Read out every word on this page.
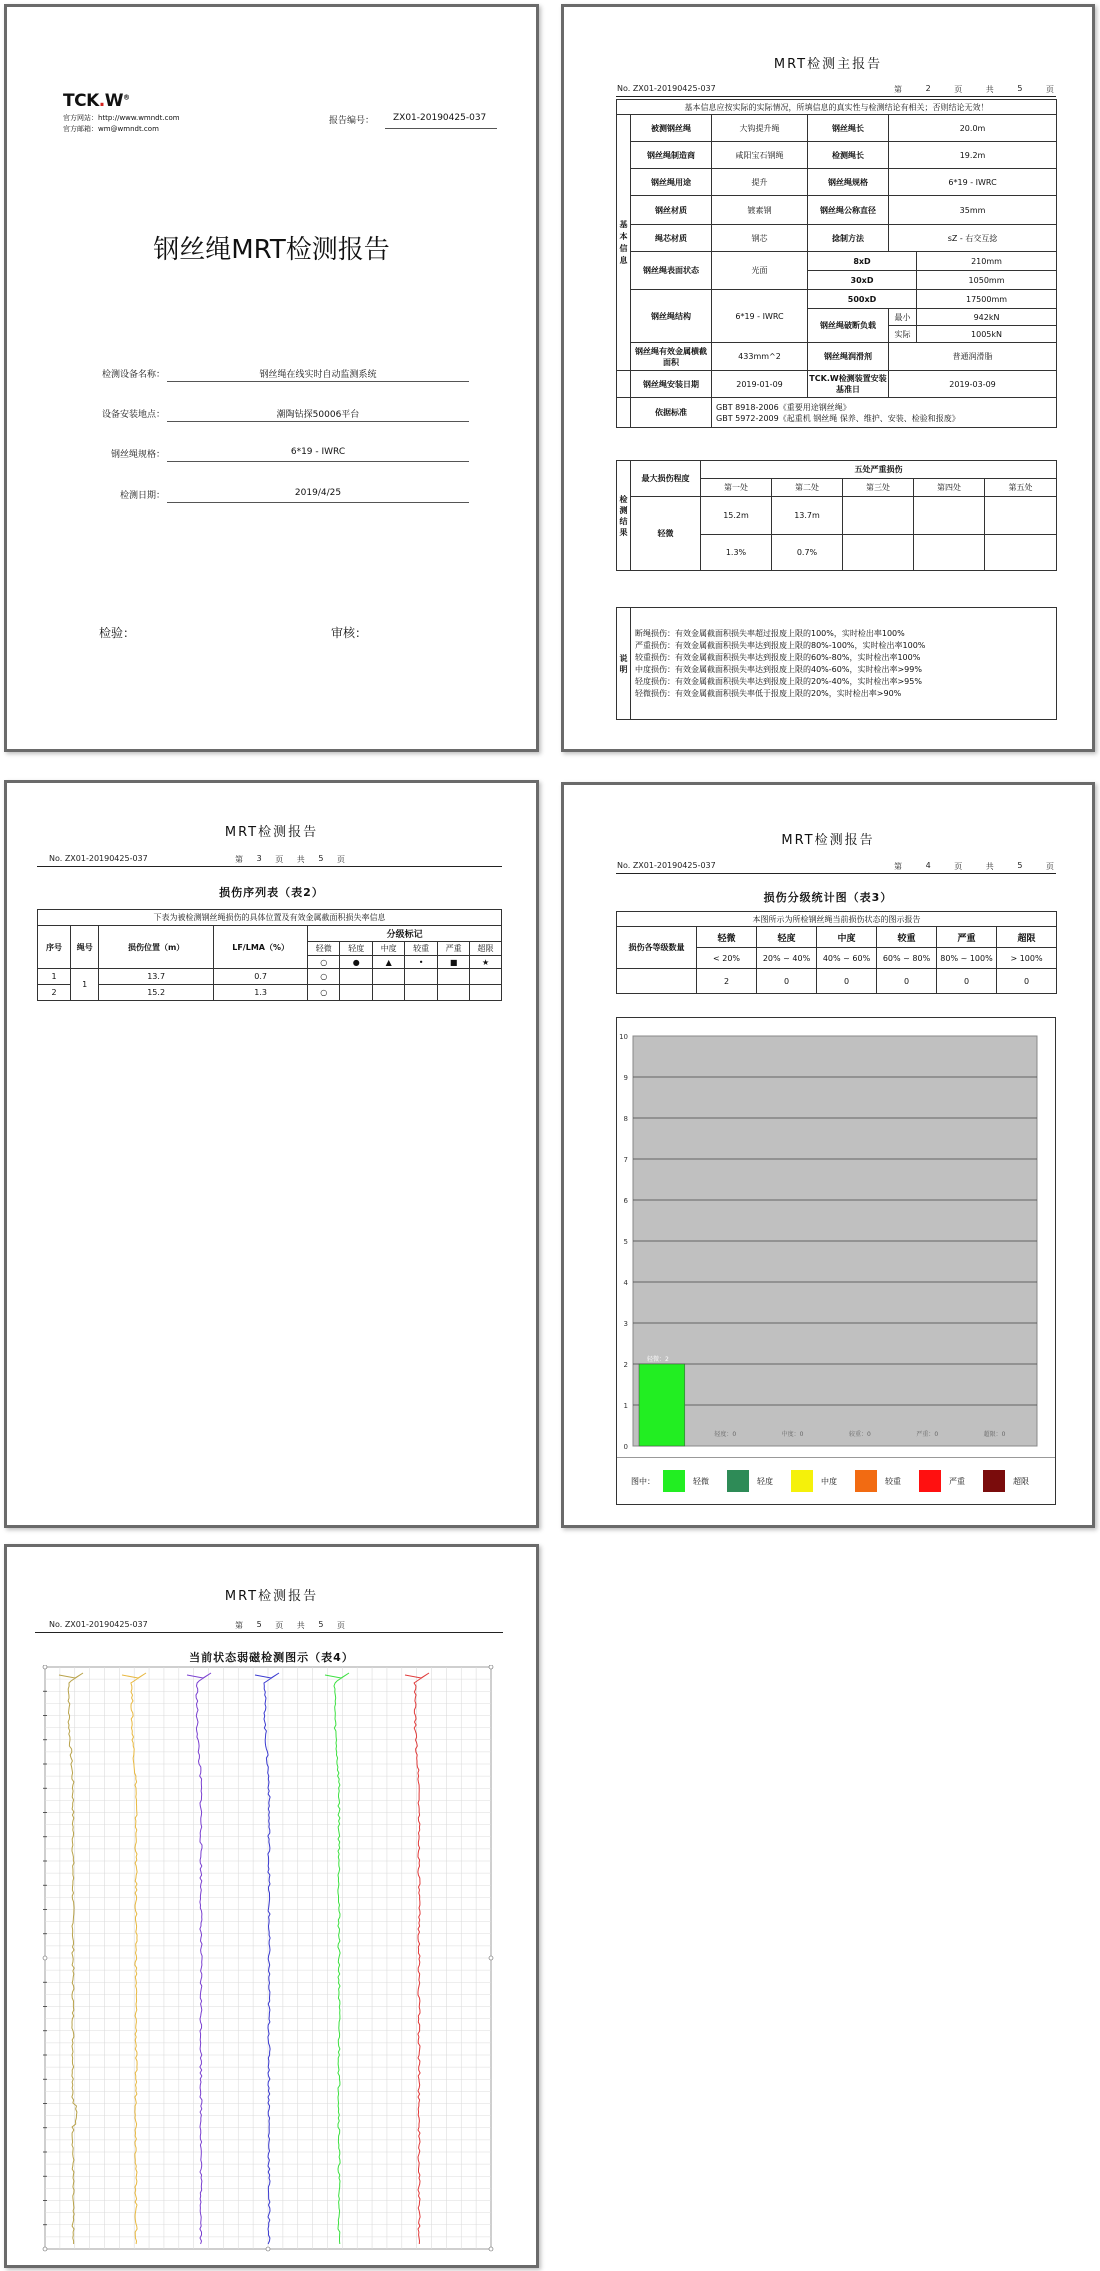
TCK.W®
官方网站：http://www.wmndt.com
官方邮箱：wm@wmndt.com
报告编号： ZX01-20190425-037
钢丝绳MRT检测报告
检测设备名称：	钢丝绳在线实时自动监测系统
设备安装地点：	潮陶钻探50006平台
钢丝绳规格：	6*19 - IWRC
检测日期：	2019/4/25
检验：	审核：
MRT检测主报告
No. ZX01-20190425-037	第	2	页	共	5	页
基本信息应按实际的实际情况，所填信息的真实性与检测结论有相关；否则结论无效！					
基本信息	被测钢丝绳	大钩提升绳	钢丝绳长	20.0m	
	钢丝绳制造商	咸阳宝石钢绳	检测绳长	19.2m	
	钢丝绳用途	提升	钢丝绳规格	6*19 - IWRC	
	钢丝材质	镀素钢	钢丝绳公称直径	35mm	
	绳芯材质	钢芯	捻制方法	sZ - 右交互捻	
	钢丝绳表面状态	光面	8xD		210mm
			30xD		1050mm
	钢丝绳结构	6*19 - IWRC	500xD		17500mm
			钢丝绳破断负载	最小	942kN
				实际	1005kN
	钢丝绳有效金属横截面积	433mm^2	钢丝绳润滑剂	普通润滑脂	
	钢丝绳安装日期	2019-01-09	TCK.W检测装置安装基准日	2019-03-09	
	依据标准	GBT 8918-2006《重要用途钢丝绳》
GBT 5972-2009《起重机 钢丝绳 保养、维护、安装、检验和报废》			
检测结果	最大损伤程度	五处严重损伤				
		第一处	第二处	第三处	第四处	第五处
	轻微	15.2m	13.7m			
		1.3%	0.7%			
说明	
断绳损伤：有效金属截面积损失率超过报废上限的100%，实时检出率100%
严重损伤：有效金属截面积损失率达到报废上限的80%-100%，实时检出率100%
较重损伤：有效金属截面积损失率达到报废上限的60%-80%，实时检出率100%
中度损伤：有效金属截面积损失率达到报废上限的40%-60%，实时检出率>99%
轻度损伤：有效金属截面积损失率达到报废上限的20%-40%，实时检出率>95%
轻微损伤：有效金属截面积损失率低于报废上限的20%，实时检出率>90%
MRT检测报告
No. ZX01-20190425-037	第 3 页 共 5 页
损伤序列表（表2）
下表为被检测钢丝绳损伤的具体位置及有效金属截面积损失率信息									
序号	绳号	损伤位置（m）	LF/LMA（%）	分级标记					
				轻微	轻度	中度	较重	严重	超限
				○	●	▲	•	■	★
1	1	13.7	0.7	○					
2		15.2	1.3	○					
MRT检测报告
No. ZX01-20190425-037	第	4	页	共	5	页
损伤分级统计图（表3）
本图所示为所检钢丝绳当前损伤状态的图示报告						
损伤各等级数量	轻微	轻度	中度	较重	严重	超限
	< 20%	20% ~ 40%	40% ~ 60%	60% ~ 80%	80% ~ 100%	> 100%
	2	0	0	0	0	0
0
1
2
3
4
5
6
7
8
9
10
轻微：2
轻度：0	中度：0	较重：0	严重：0	超限：0
图中：	轻微	轻度	中度	较重	严重	超限
MRT检测报告
No. ZX01-20190425-037	第 5 页 共 5 页
当前状态弱磁检测图示（表4）
